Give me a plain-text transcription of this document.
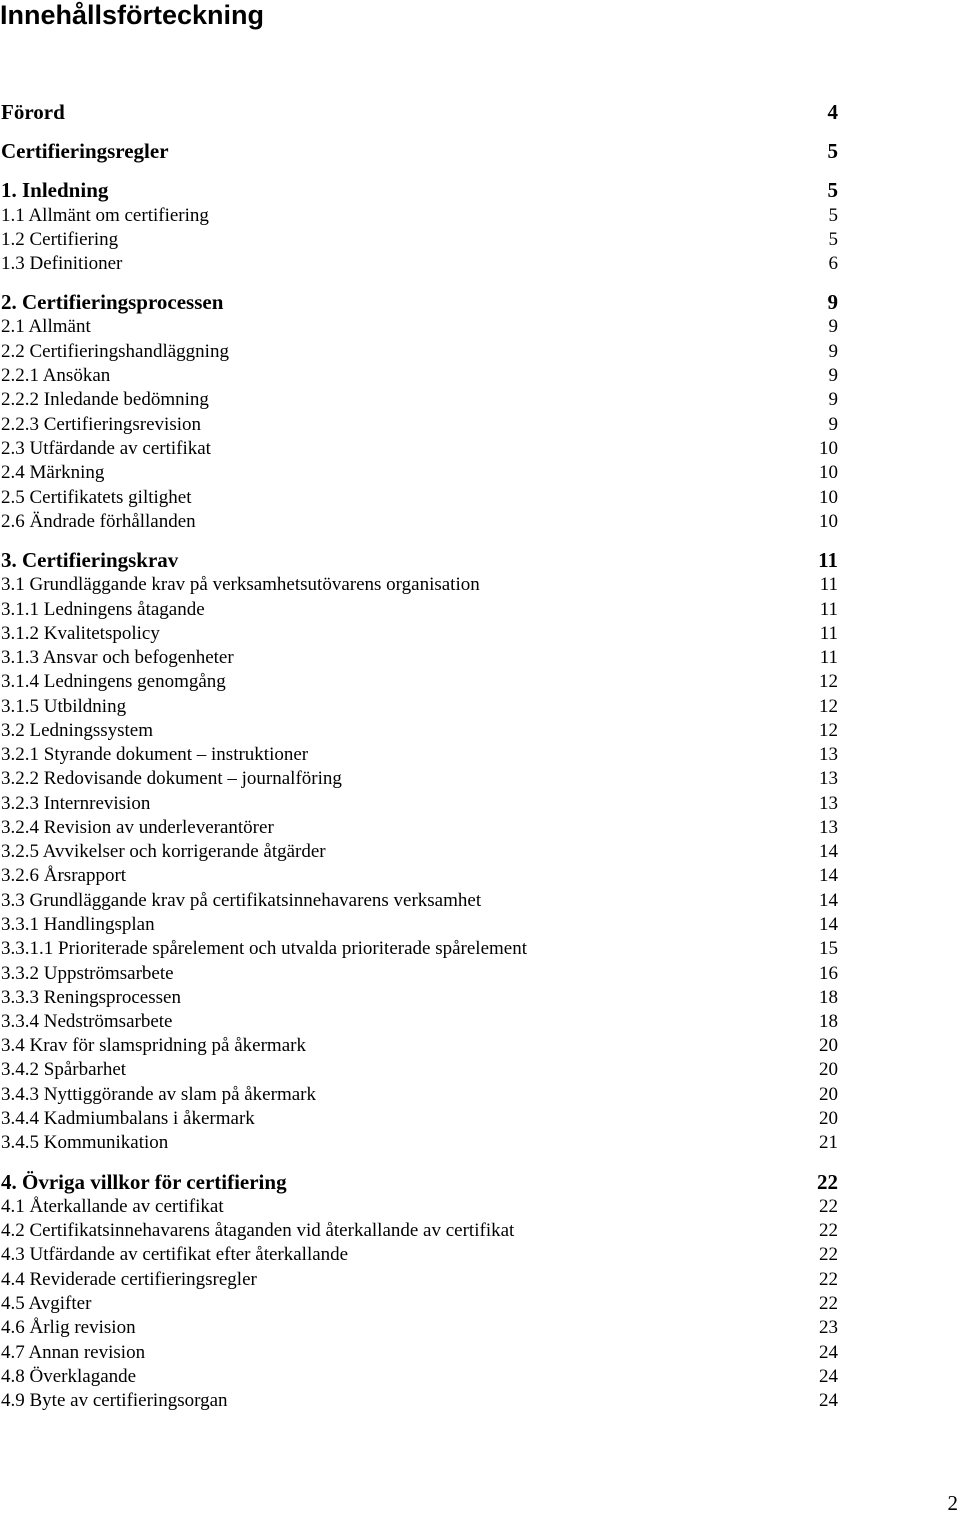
Innehållsförteckning
Förord	4
Certifieringsregler	5
1. Inledning	5
1.1 Allmänt om certifiering	5
1.2 Certifiering	5
1.3 Definitioner	6
2. Certifieringsprocessen	9
2.1 Allmänt	9
2.2 Certifieringshandläggning	9
2.2.1 Ansökan	9
2.2.2 Inledande bedömning	9
2.2.3 Certifieringsrevision	9
2.3 Utfärdande av certifikat	10
2.4 Märkning	10
2.5 Certifikatets giltighet	10
2.6 Ändrade förhållanden	10
3. Certifieringskrav	11
3.1 Grundläggande krav på verksamhetsutövarens organisation	11
3.1.1 Ledningens åtagande	11
3.1.2 Kvalitetspolicy	11
3.1.3 Ansvar och befogenheter	11
3.1.4 Ledningens genomgång	12
3.1.5 Utbildning	12
3.2 Ledningssystem	12
3.2.1 Styrande dokument – instruktioner	13
3.2.2 Redovisande dokument – journalföring	13
3.2.3 Internrevision	13
3.2.4 Revision av underleverantörer	13
3.2.5 Avvikelser och korrigerande åtgärder	14
3.2.6 Årsrapport	14
3.3 Grundläggande krav på certifikatsinnehavarens verksamhet	14
3.3.1 Handlingsplan	14
3.3.1.1 Prioriterade spårelement och utvalda prioriterade spårelement	15
3.3.2 Uppströmsarbete	16
3.3.3 Reningsprocessen	18
3.3.4 Nedströmsarbete	18
3.4 Krav för slamspridning på åkermark	20
3.4.2 Spårbarhet	20
3.4.3 Nyttiggörande av slam på åkermark	20
3.4.4 Kadmiumbalans i åkermark	20
3.4.5 Kommunikation	21
4. Övriga villkor för certifiering	22
4.1 Återkallande av certifikat	22
4.2 Certifikatsinnehavarens åtaganden vid återkallande av certifikat	22
4.3 Utfärdande av certifikat efter återkallande	22
4.4 Reviderade certifieringsregler	22
4.5 Avgifter	22
4.6 Årlig revision	23
4.7 Annan revision	24
4.8 Överklagande	24
4.9 Byte av certifieringsorgan	24
2
